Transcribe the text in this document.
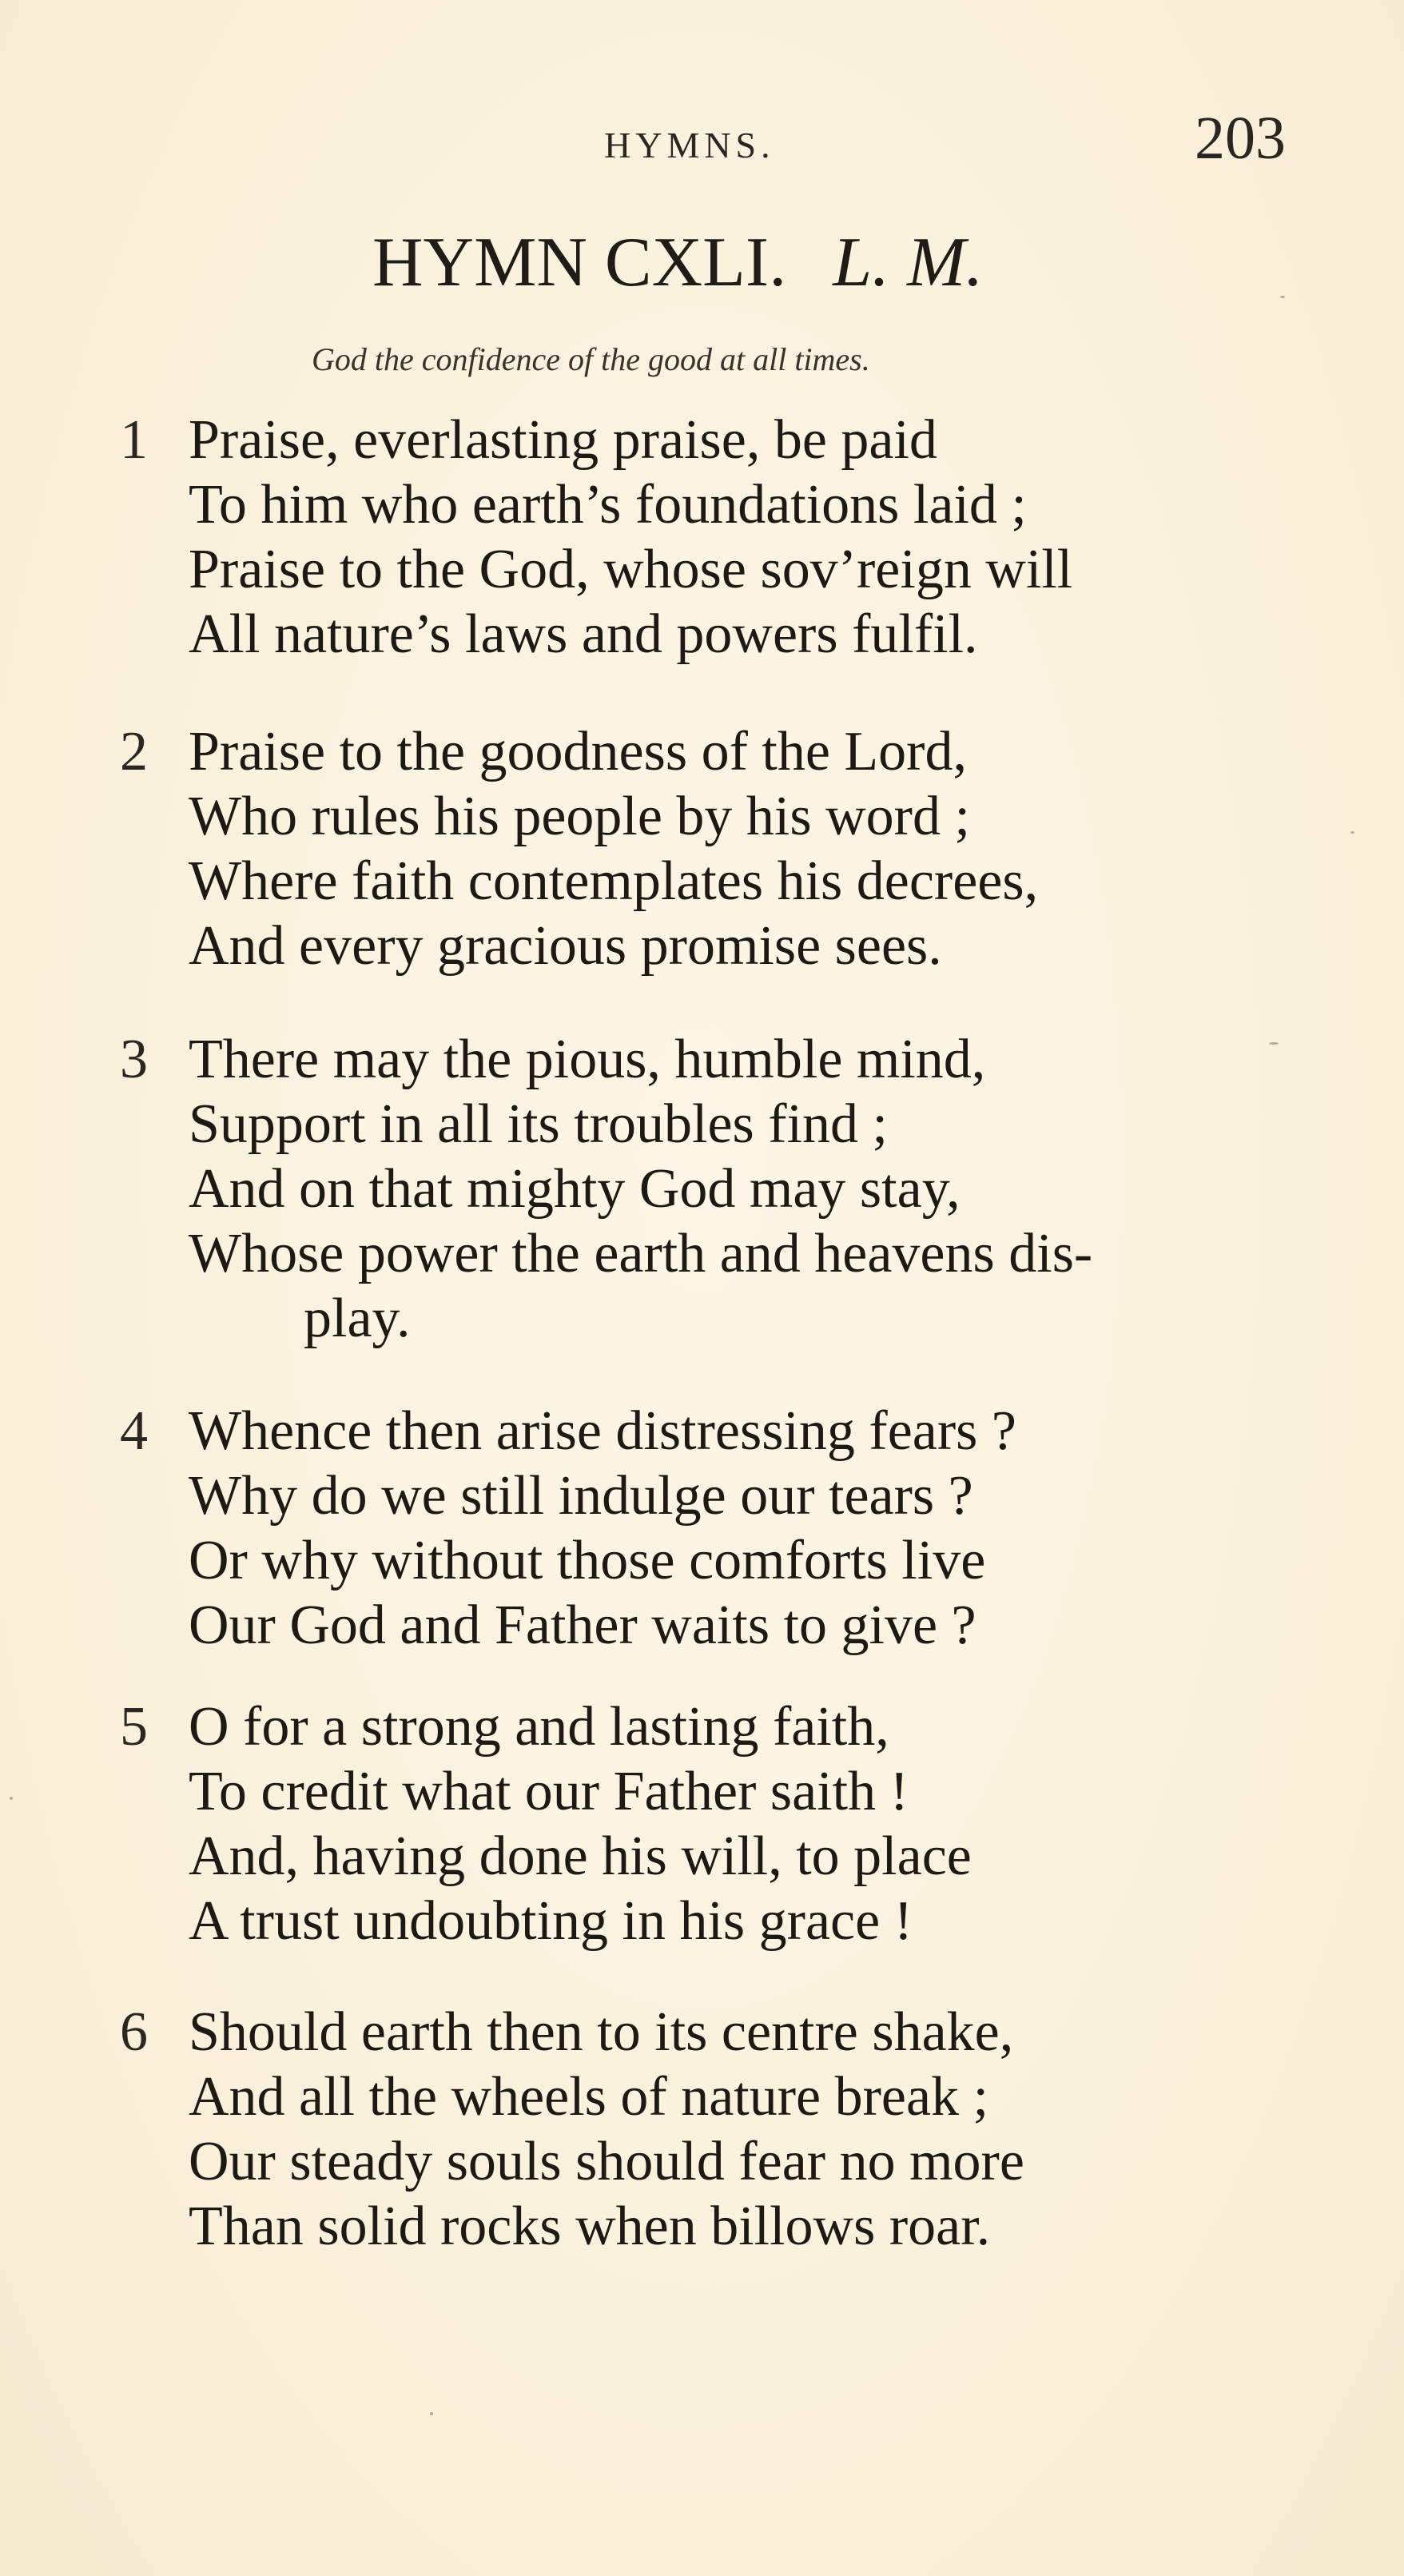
HYMNS.	203
HYMN CXLI. L. M.
God the confidence of the good at all times.
1 Praise, everlasting praise, be paid
To him who earth’s foundations laid ;
Praise to the God, whose sov’reign will
All nature’s laws and powers fulfil.
2 Praise to the goodness of the Lord,
Who rules his people by his word ;
Where faith contemplates his decrees,
And every gracious promise sees.
3 There may the pious, humble mind,
Support in all its troubles find ;
And on that mighty God may stay,
Whose power the earth and heavens dis-
play.
4 Whence then arise distressing fears ?
Why do we still indulge our tears ?
Or why without those comforts live
Our God and Father waits to give ?
5 O for a strong and lasting faith,
To credit what our Father saith !
And, having done his will, to place
A trust undoubting in his grace !
6 Should earth then to its centre shake,
And all the wheels of nature break ;
Our steady souls should fear no more
Than solid rocks when billows roar.
